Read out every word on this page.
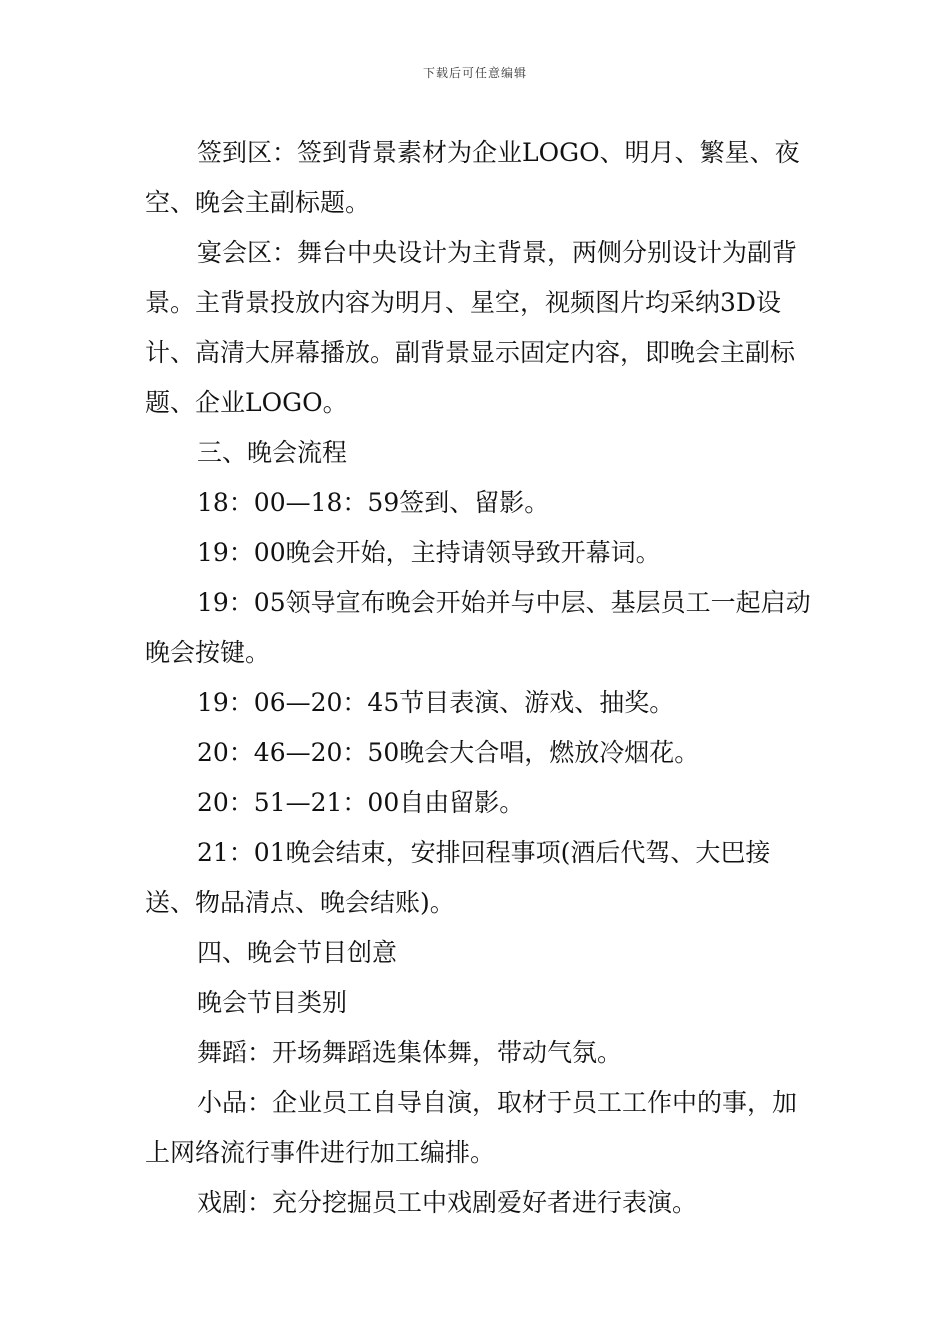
下载后可任意编辑

签到区：签到背景素材为企业LOGO、明月、繁星、夜空、晚会主副标题。

宴会区：舞台中央设计为主背景，两侧分别设计为副背景。主背景投放内容为明月、星空，视频图片均采纳3D设计、高清大屏幕播放。副背景显示固定内容，即晚会主副标题、企业LOGO。

三、晚会流程

18：00—18：59签到、留影。

19：00晚会开始，主持请领导致开幕词。

19：05领导宣布晚会开始并与中层、基层员工一起启动晚会按键。

19：06—20：45节目表演、游戏、抽奖。

20：46—20：50晚会大合唱，燃放冷烟花。

20：51—21：00自由留影。

21：01晚会结束，安排回程事项(酒后代驾、大巴接送、物品清点、晚会结账)。

四、晚会节目创意

晚会节目类别

舞蹈：开场舞蹈选集体舞，带动气氛。

小品：企业员工自导自演，取材于员工工作中的事，加上网络流行事件进行加工编排。

戏剧：充分挖掘员工中戏剧爱好者进行表演。
